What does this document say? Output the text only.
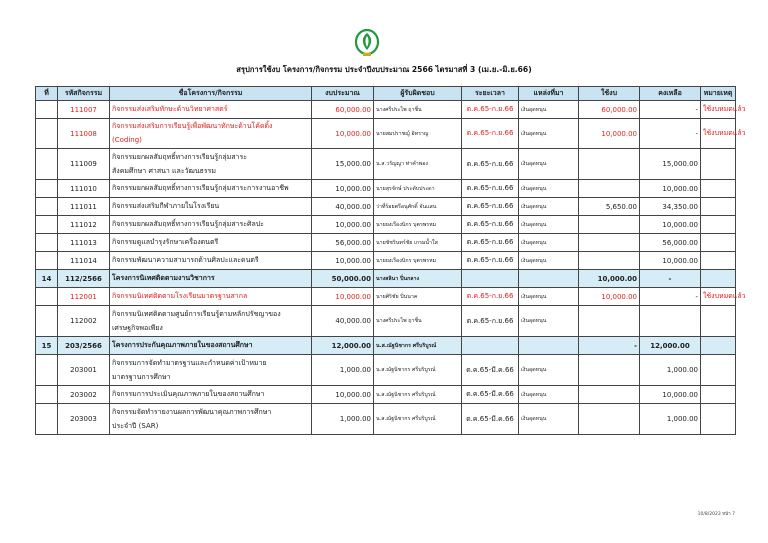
สรุปการใช้งบ โครงการ/กิจกรรม ประจำปีงบประมาณ 2566 ไตรมาสที่ 3 (เม.ย.-มิ.ย.66)
ที่	รหัสกิจกรรม	ชื่อโครงการ/กิจกรรม	งบประมาณ	ผู้รับผิดชอบ	ระยะเวลา	แหล่งที่มา	ใช้งบ	คงเหลือ	หมายเหตุ
	111007	กิจกรรมส่งเสริมทักษะด้านวิทยาศาสตร์	60,000.00	นางศรีประไพ ฤาชื่น	ต.ค.65-ก.ย.66	เงินอุดหนุน	60,000.00	-	ใช้งบหมดแล้ว
	111008	กิจกรรมส่งเสริมการเรียนรู้เพื่อพัฒนาทักษะด้านโค้ดดิ้ง
(Coding)	10,000.00	นายสมปราชญ์ อิทราญ	ต.ค.65-ก.ย.66	เงินอุดหนุน	10,000.00	-	ใช้งบหมดแล้ว
	111009	กิจกรรมยกผลสัมฤทธิ์ทางการเรียนรู้กลุ่มสาระ
สังคมศึกษา ศาสนา และวัฒนธรรม	15,000.00	น.ส.วรัญญา ท่าคำพอง	ต.ค.65-ก.ย.66	เงินอุดหนุน		15,000.00	
	111010	กิจกรรมยกผลสัมฤทธิ์ทางการเรียนรู้กลุ่มสาระการงานอาชีพ	10,000.00	นายสุรจักษ์ ประดับประดา	ต.ค.65-ก.ย.66	เงินอุดหนุน		10,000.00	
	111011	กิจกรรมส่งเสริมกีฬาภายในโรงเรียน	40,000.00	ว่าที่ร้อยตรีอนุศักดิ์ จันแสน	ต.ค.65-ก.ย.66	เงินอุดหนุน	5,650.00	34,350.00	
	111012	กิจกรรมยกผลสัมฤทธิ์ทางการเรียนรู้กลุ่มสาระศิลปะ	10,000.00	นายยงเรืองนิกร บุตรพรหม	ต.ค.65-ก.ย.66	เงินอุดหนุน		10,000.00	
	111013	กิจกรรมดูแลบำรุงรักษาเครื่องดนตรี	56,000.00	นายชัชรินทร์ชัย เกรมน้ำใส	ต.ค.65-ก.ย.66	เงินอุดหนุน		56,000.00	
	111014	กิจกรรมพัฒนาความสามารถด้านศิลปะและดนตรี	10,000.00	นายยงเรืองนิกร บุตรพรหม	ต.ค.65-ก.ย.66	เงินอุดหนุน		10,000.00	
14	112/2566	โครงการนิเทศติดตามงานวิชาการ	50,000.00	นางสลินา ปิ่นกลาง			10,000.00	-	
	112001	กิจกรรมนิเทศติดตามโรงเรียนมาตรฐานสากล	10,000.00	นายศิริชัย ปิ่นนาค	ต.ค.65-ก.ย.66	เงินอุดหนุน	10,000.00	-	ใช้งบหมดแล้ว
	112002	กิจกรรมนิเทศติดตามศูนย์การเรียนรู้ตามหลักปรัชญาของ
เศรษฐกิจพอเพียง	40,000.00	นางศรีประไพ ฤาชื่น	ต.ค.65-ก.ย.66	เงินอุดหนุน			
15	203/2566	โครงการประกันคุณภาพภายในของสถานศึกษา	12,000.00	น.ส.ณัฐนิชากร ศรีบริบูรณ์			-	12,000.00	
	203001	กิจกรรมการจัดทำมาตรฐานและกำหนดค่าเป้าหมาย
มาตรฐานการศึกษา	1,000.00	น.ส.ณัฐนิชากร ศรีบริบูรณ์	ต.ค.65-มี.ค.66	เงินอุดหนุน		1,000.00	
	203002	กิจกรรมการประเมินคุณภาพภายในของสถานศึกษา	10,000.00	น.ส.ณัฐนิชากร ศรีบริบูรณ์	ต.ค.65-มี.ค.66	เงินอุดหนุน		10,000.00	
	203003	กิจกรรมจัดทำรายงานผลการพัฒนาคุณภาพการศึกษา
ประจำปี (SAR)	1,000.00	น.ส.ณัฐนิชากร ศรีบริบูรณ์	ต.ค.65-มี.ค.66	เงินอุดหนุน		1,000.00	
10/8/2023 หน้า 7
